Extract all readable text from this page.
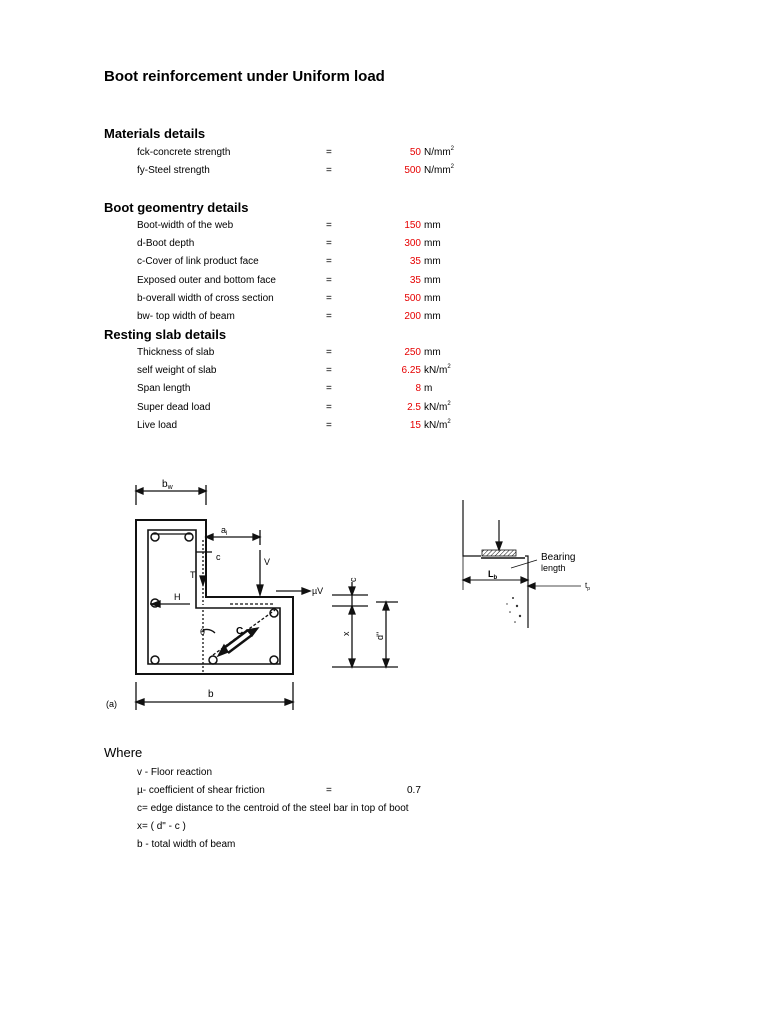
Boot reinforcement under Uniform load
Materials details
fck-concrete strength	=	50 $N/mm^2$
fy-Steel strength	=	500 $N/mm^2$
Boot geomentry details
Boot-width of the web	=	150 mm
d-Boot depth	=	300 mm
c-Cover of link product face	=	35 mm
Exposed outer and bottom face	=	35 mm
b-overall width of cross section	=	500 mm
bw- top width of beam	=	200 mm
Resting slab details
Thickness of slab	=	250 mm
self weight of slab	=	6.25 $kN/m^2$
Span length	=	8 m
Super dead load	=	2.5 $kN/m^2$
Live load	=	15 $kN/m^2$
$b_w$
$a_l$
c	V
T
H
µV
θ	C
c
x	d"
b
(a)
Bearing
length
$L_b$
$t_p$
Where
v - Floor reaction
µ- coefficient of shear friction	=	0.7
c= edge distance to the centroid of the steel bar in top of boot
x= ( d" - c )
b - total width of beam
